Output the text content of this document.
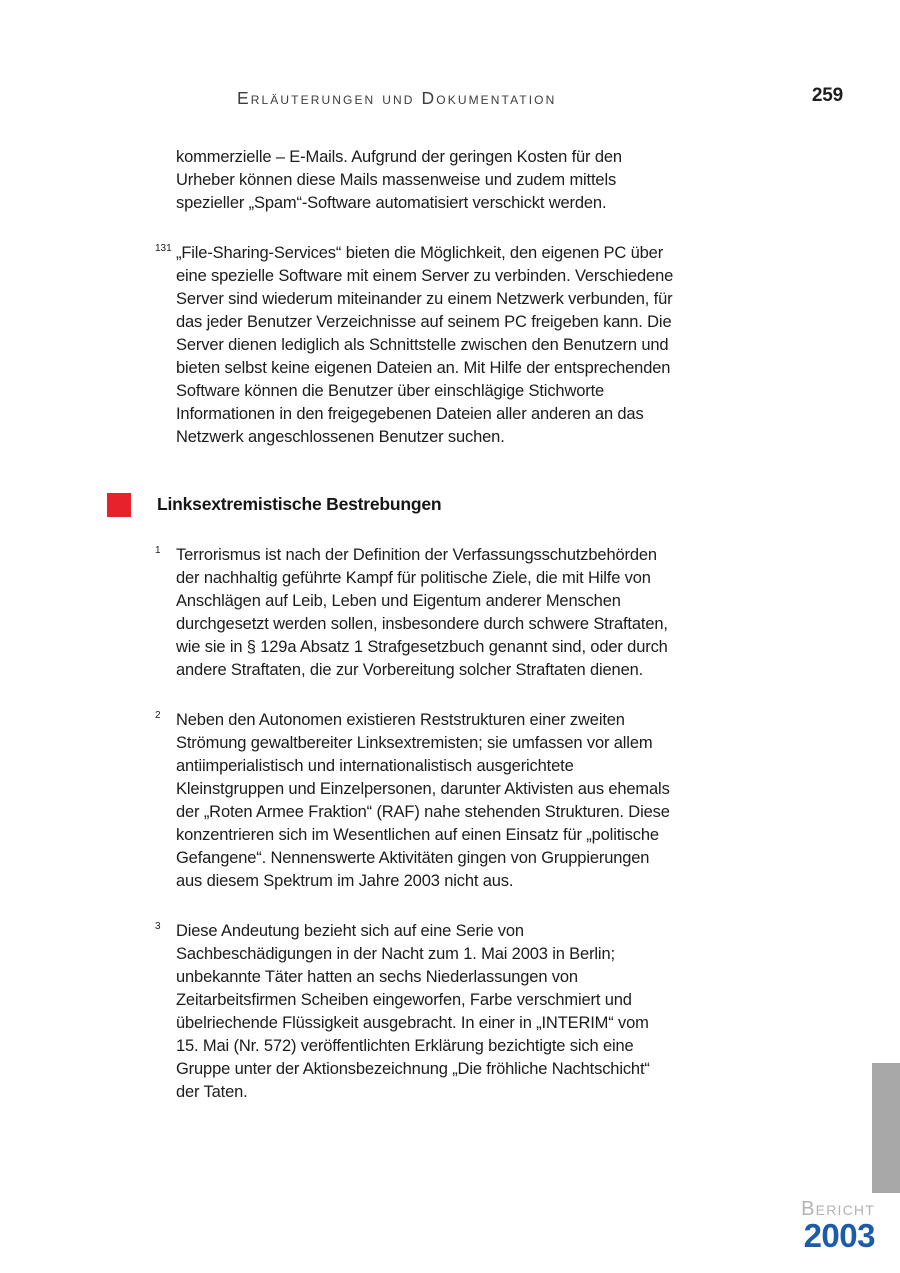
Erläuterungen und Dokumentation	259

kommerzielle – E-Mails. Aufgrund der geringen Kosten für den Urheber können diese Mails massenweise und zudem mittels spezieller „Spam“-Software automatisiert verschickt werden.

131 „File-Sharing-Services“ bieten die Möglichkeit, den eigenen PC über eine spezielle Software mit einem Server zu verbinden. Verschiedene Server sind wiederum miteinander zu einem Netzwerk verbunden, für das jeder Benutzer Verzeichnisse auf seinem PC freigeben kann. Die Server dienen lediglich als Schnittstelle zwischen den Benutzern und bieten selbst keine eigenen Dateien an. Mit Hilfe der entsprechenden Software können die Benutzer über einschlägige Stichworte Informationen in den freigegebenen Dateien aller anderen an das Netzwerk angeschlossenen Benutzer suchen.
Linksextremistische Bestrebungen
1 Terrorismus ist nach der Definition der Verfassungsschutzbehörden der nachhaltig geführte Kampf für politische Ziele, die mit Hilfe von Anschlägen auf Leib, Leben und Eigentum anderer Menschen durchgesetzt werden sollen, insbesondere durch schwere Straftaten, wie sie in § 129a Absatz 1 Strafgesetzbuch genannt sind, oder durch andere Straftaten, die zur Vorbereitung solcher Straftaten dienen.
2 Neben den Autonomen existieren Reststrukturen einer zweiten Strömung gewaltbereiter Linksextremisten; sie umfassen vor allem antiimperialistisch und internationalistisch ausgerichtete Kleinstgruppen und Einzelpersonen, darunter Aktivisten aus ehemals der „Roten Armee Fraktion“ (RAF) nahe stehenden Strukturen. Diese konzentrieren sich im Wesentlichen auf einen Einsatz für „politische Gefangene“. Nennenswerte Aktivitäten gingen von Gruppierungen aus diesem Spektrum im Jahre 2003 nicht aus.
3 Diese Andeutung bezieht sich auf eine Serie von Sachbeschädigungen in der Nacht zum 1. Mai 2003 in Berlin; unbekannte Täter hatten an sechs Niederlassungen von Zeitarbeitsfirmen Scheiben eingeworfen, Farbe verschmiert und übelriechende Flüssigkeit ausgebracht. In einer in „INTERIM“ vom 15. Mai (Nr. 572) veröffentlichten Erklärung bezichtigte sich eine Gruppe unter der Aktionsbezeichnung „Die fröhliche Nachtschicht“ der Taten.
Bericht
2003
